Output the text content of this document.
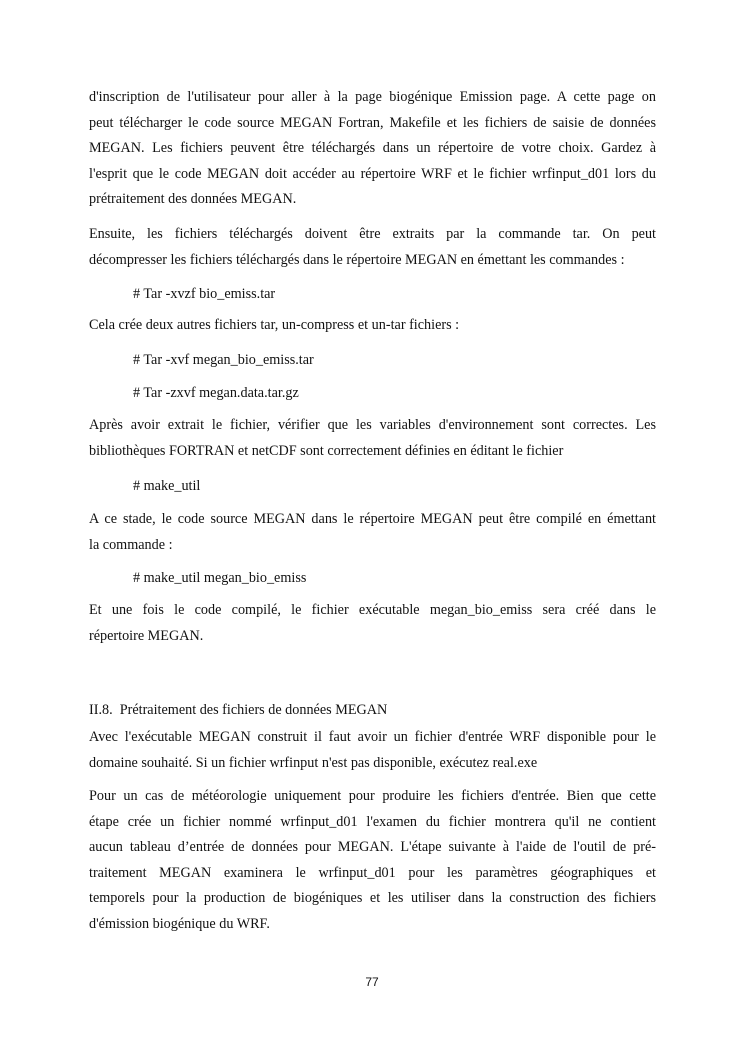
d'inscription de l'utilisateur pour aller à la page biogénique Emission page. A cette page on
peut télécharger le code source MEGAN Fortran, Makefile et les fichiers de saisie de données
MEGAN. Les fichiers peuvent être téléchargés dans un répertoire de votre choix. Gardez à
l'esprit que le code MEGAN doit accéder au répertoire WRF et le fichier wrfinput_d01 lors du
prétraitement des données MEGAN.
Ensuite, les fichiers téléchargés doivent être extraits par la commande tar. On peut
décompresser les fichiers téléchargés dans le répertoire MEGAN en émettant les commandes :
# Tar -xvzf bio_emiss.tar
Cela crée deux autres fichiers tar, un-compress et un-tar fichiers :
# Tar -xvf megan_bio_emiss.tar
# Tar -zxvf megan.data.tar.gz
Après avoir extrait le fichier, vérifier que les variables d'environnement sont correctes. Les
bibliothèques FORTRAN et netCDF sont correctement définies en éditant le fichier
# make_util
A ce stade, le code source MEGAN dans le répertoire MEGAN peut être compilé en émettant
la commande :
# make_util megan_bio_emiss
Et une fois le code compilé, le fichier exécutable megan_bio_emiss sera créé dans le
répertoire MEGAN.
II.8.  Prétraitement des fichiers de données MEGAN
Avec l'exécutable MEGAN construit il faut avoir un fichier d'entrée WRF disponible pour le
domaine souhaité. Si un fichier wrfinput n'est pas disponible, exécutez real.exe
Pour un cas de météorologie uniquement pour produire les fichiers d'entrée. Bien que cette
étape crée un fichier nommé wrfinput_d01 l'examen du fichier montrera qu'il ne contient
aucun tableau d’entrée de données pour MEGAN. L'étape suivante à l'aide de l'outil de pré-
traitement MEGAN examinera le wrfinput_d01 pour les paramètres géographiques et
temporels pour la production de biogéniques et les utiliser dans la construction des fichiers
d'émission biogénique du WRF.
77
